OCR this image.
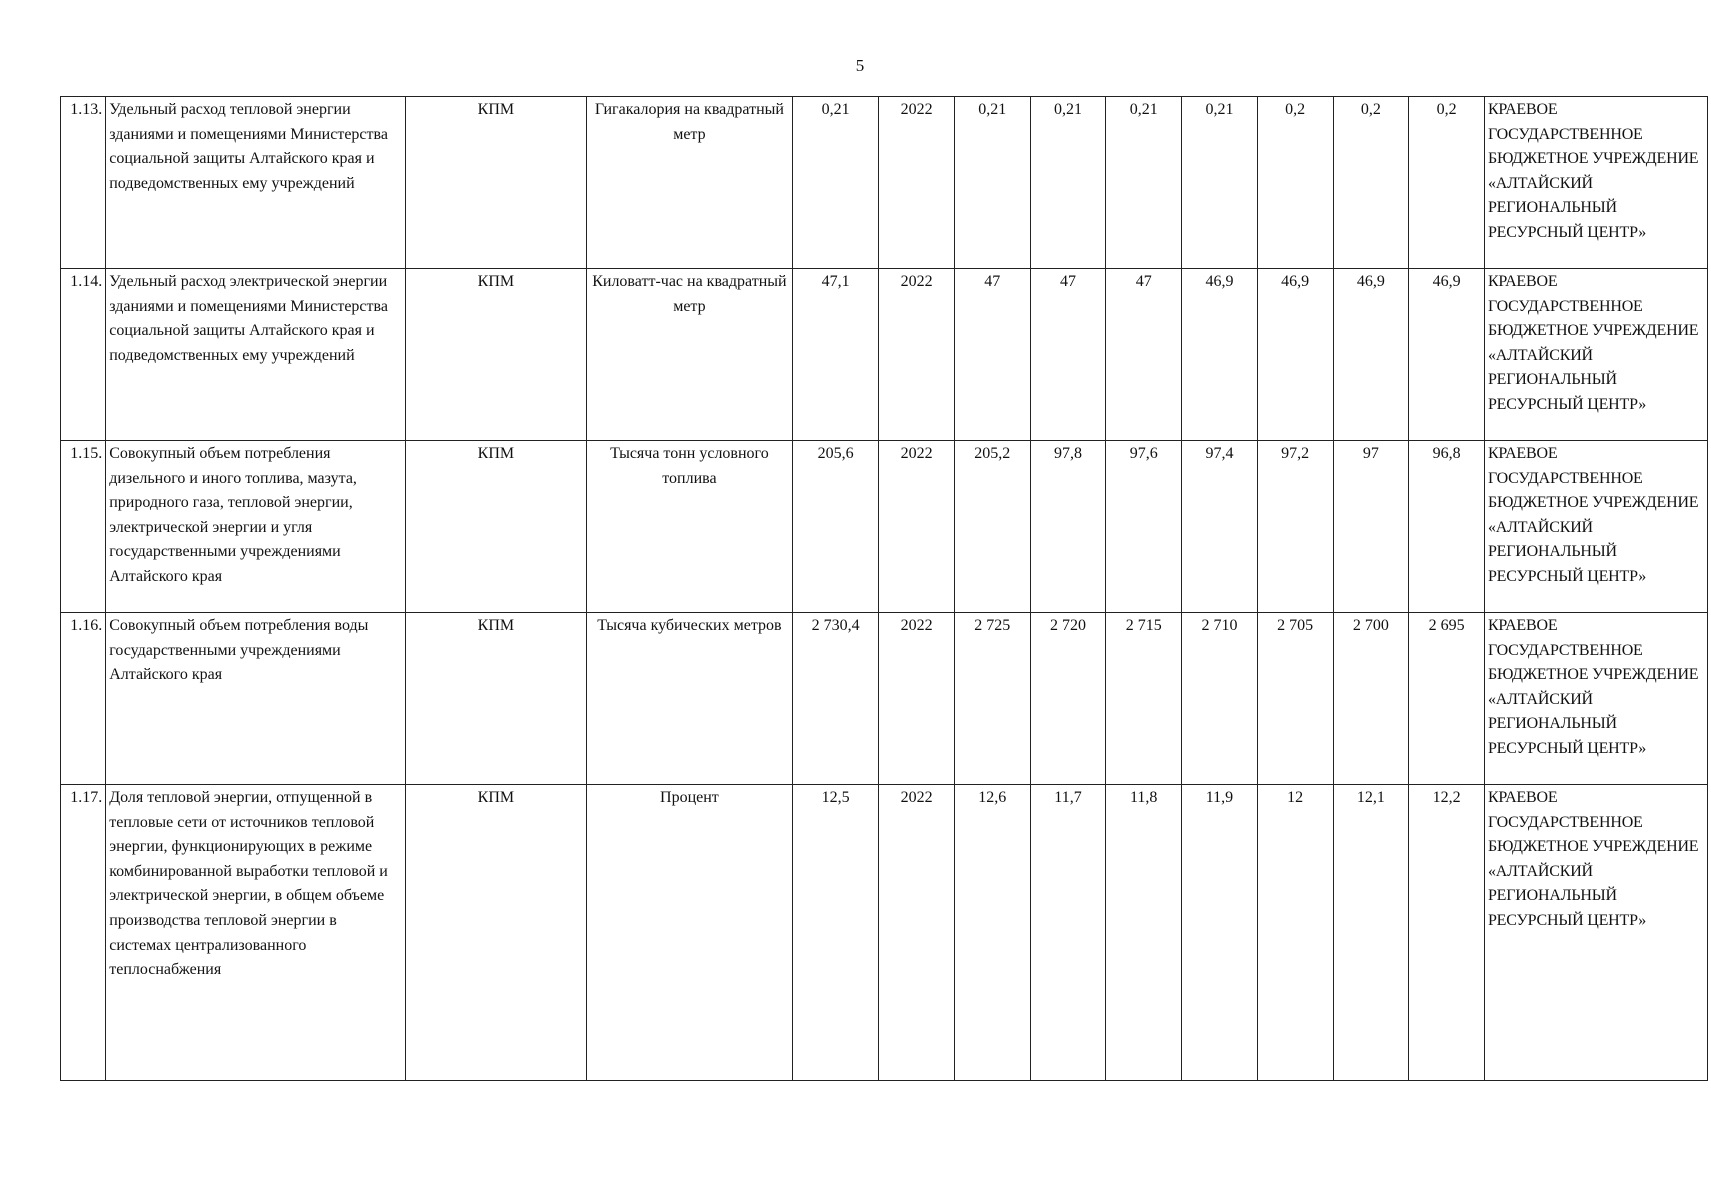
5
1.13.	Удельный расход тепловой энергии зданиями и помещениями Министерства социальной защиты Алтайского края и подведомственных ему учреждений	КПМ	Гигакалория на квадратный метр	0,21	2022	0,21	0,21	0,21	0,21	0,2	0,2	0,2	КРАЕВОЕ ГОСУДАРСТВЕННОЕ БЮДЖЕТНОЕ УЧРЕЖДЕНИЕ «АЛТАЙСКИЙ РЕГИОНАЛЬНЫЙ РЕСУРСНЫЙ ЦЕНТР»
1.14.	Удельный расход электрической энергии зданиями и помещениями Министерства социальной защиты Алтайского края и подведомственных ему учреждений	КПМ	Киловатт-час на квадратный метр	47,1	2022	47	47	47	46,9	46,9	46,9	46,9	КРАЕВОЕ ГОСУДАРСТВЕННОЕ БЮДЖЕТНОЕ УЧРЕЖДЕНИЕ «АЛТАЙСКИЙ РЕГИОНАЛЬНЫЙ РЕСУРСНЫЙ ЦЕНТР»
1.15.	Совокупный объем потребления дизельного и иного топлива, мазута, природного газа, тепловой энергии, электрической энергии и угля государственными учреждениями Алтайского края	КПМ	Тысяча тонн условного топлива	205,6	2022	205,2	97,8	97,6	97,4	97,2	97	96,8	КРАЕВОЕ ГОСУДАРСТВЕННОЕ БЮДЖЕТНОЕ УЧРЕЖДЕНИЕ «АЛТАЙСКИЙ РЕГИОНАЛЬНЫЙ РЕСУРСНЫЙ ЦЕНТР»
1.16.	Совокупный объем потребления воды государственными учреждениями Алтайского края	КПМ	Тысяча кубических метров	2 730,4	2022	2 725	2 720	2 715	2 710	2 705	2 700	2 695	КРАЕВОЕ ГОСУДАРСТВЕННОЕ БЮДЖЕТНОЕ УЧРЕЖДЕНИЕ «АЛТАЙСКИЙ РЕГИОНАЛЬНЫЙ РЕСУРСНЫЙ ЦЕНТР»
1.17.	Доля тепловой энергии, отпущенной в тепловые сети от источников тепловой энергии, функционирующих в режиме комбинированной выработки тепловой и электрической энергии, в общем объеме производства тепловой энергии в системах централизованного теплоснабжения	КПМ	Процент	12,5	2022	12,6	11,7	11,8	11,9	12	12,1	12,2	КРАЕВОЕ ГОСУДАРСТВЕННОЕ БЮДЖЕТНОЕ УЧРЕЖДЕНИЕ «АЛТАЙСКИЙ РЕГИОНАЛЬНЫЙ РЕСУРСНЫЙ ЦЕНТР»
